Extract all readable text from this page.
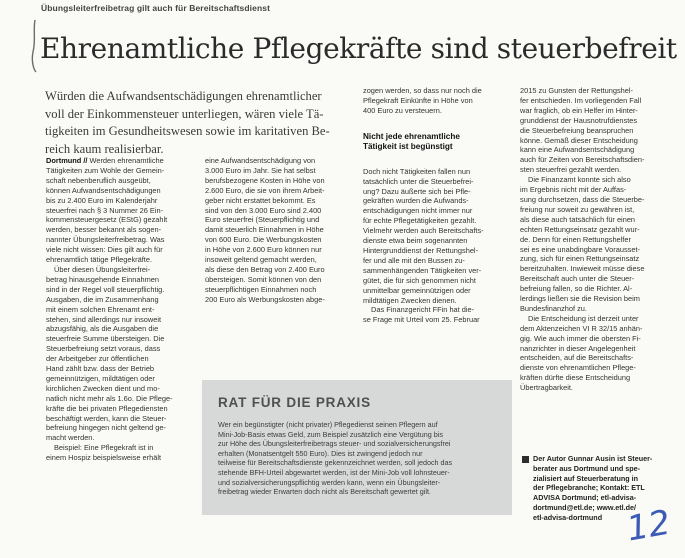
Übungsleiterfreibetrag gilt auch für Bereitschaftsdienst
Ehrenamtliche Pflegekräfte sind steuerbefreit
Würden die Aufwandsentschädigungen ehrenamtlicher
voll der Einkommensteuer unterliegen, wären viele Tä-
tigkeiten im Gesundheitswesen sowie im karitativen Be-
reich kaum realisierbar.
Dortmund // Werden ehrenamtliche
Tätigkeiten zum Wohle der Gemein-
schaft nebenberuflich ausgeübt,
können Aufwandsentschädigungen
bis zu 2.400 Euro im Kalenderjahr
steuerfrei nach § 3 Nummer 26 Ein-
kommensteuergesetz (EStG) gezahlt
werden, besser bekannt als sogen-
nannter Übungsleiterfreibetrag. Was
viele nicht wissen: Dies gilt auch für
ehrenamtlich tätige Pflegekräfte.
Über diesen Übungsleiterfrei-
betrag hinausgehende Einnahmen
sind in der Regel voll steuerpflichtig.
Ausgaben, die im Zusammenhang
mit einem solchen Ehrenamt ent-
stehen, sind allerdings nur insoweit
abzugsfähig, als die Ausgaben die
steuerfreie Summe übersteigen. Die
Steuerbefreiung setzt voraus, dass
der Arbeitgeber zur öffentlichen
Hand zählt bzw. dass der Betrieb
gemeinnützigen, mildtätigen oder
kirchlichen Zwecken dient und mo-
natlich nicht mehr als 1.6o. Die Pflege-
kräfte die bei privaten Pflegediensten
beschäftigt werden, kann die Steuer-
befreiung hingegen nicht geltend ge-
macht werden.
Beispiel: Eine Pflegekraft ist in
einem Hospiz beispielsweise erhält
eine Aufwandsentschädigung von
3.000 Euro im Jahr. Sie hat selbst
berufsbezogene Kosten in Höhe von
2.600 Euro, die sie von ihrem Arbeit-
geber nicht erstattet bekommt. Es
sind von den 3.000 Euro sind 2.400
Euro steuerfrei (Steuerpflichtig und
damit steuerlich Einnahmen in Höhe
von 600 Euro. Die Werbungskosten
in Höhe von 2.600 Euro können nur
insoweit geltend gemacht werden,
als diese den Betrag von 2.400 Euro
übersteigen. Somit können von den
steuerpflichtigen Einnahmen noch
200 Euro als Werbungskosten abge-
zogen werden, so dass nur noch die
Pflegekraft Einkünfte in Höhe von
400 Euro zu versteuern.
Nicht jede ehrenamtliche
Tätigkeit ist begünstigt
Doch nicht Tätigkeiten fallen nun
tatsächlich unter die Steuerbefrei-
ung? Dazu äußerte sich bei Pfle-
gekräften wurden die Aufwands-
entschädigungen nicht immer nur
für echte Pflegetätigkeiten gezahlt.
Vielmehr werden auch Bereitschafts-
dienste etwa beim sogenannten
Hintergrunddienst der Rettungshel-
fer und alle mit den Bussen zu-
sammenhängenden Tätigkeiten ver-
gütet, die für sich genommen nicht
unmittelbar gemeinnützigen oder
mildtätigen Zwecken dienen.
Das Finanzgericht FFin hat die-
se Frage mit Urteil vom 25. Februar
2015 zu Gunsten der Rettungshel-
fer entschieden. Im vorliegenden Fall
war fraglich, ob ein Helfer im Hinter-
grunddienst der Hausnotrufdienstes
die Steuerbefreiung beanspruchen
könne. Gemäß dieser Entscheidung
kann eine Aufwandsentschädigung
auch für Zeiten von Bereitschaftsdien-
sten steuerfrei gezahlt werden.
Die Finanzamt konnte sich also
im Ergebnis nicht mit der Auffas-
sung durchsetzen, dass die Steuerbe-
freiung nur soweit zu gewähren ist,
als diese auch tatsächlich für einen
echten Rettungseinsatz gezahlt wur-
de. Denn für einen Rettungshelfer
sei es eine unabdingbare Vorausset-
zung, sich für einen Rettungseinsatz
bereitzuhalten. Inwieweit müsse diese
Bereitschaft auch unter die Steuer-
befreiung fallen, so die Richter. Al-
lerdings ließen sie die Revision beim
Bundesfinanzhof zu.
Die Entscheidung ist derzeit unter
dem Aktenzeichen VI R 32/15 anhän-
gig. Wie auch immer die obersten Fi-
nanzrichter in dieser Angelegenheit
entscheiden, auf die Bereitschafts-
dienste von ehrenamtlichen Pflege-
kräften dürfte diese Entscheidung
Übertragbarkeit.
RAT FÜR DIE PRAXIS
Wer ein begünstigter (nicht privater) Pflegedienst seinen Pflegern auf
Mini-Job-Basis etwas Geld, zum Beispiel zusätzlich eine Vergütung bis
zur Höhe des Übungsleiterfreibetrags steuer- und sozialversicherungsfrei
erhalten (Monatsentgelt 550 Euro). Dies ist zwingend jedoch nur
teilweise für Bereitschaftsdienste gekennzeichnet werden, soll jedoch das
stehende BFH-Urteil abgewartet werden, ist der Mini-Job voll lohnsteuer-
und sozialversicherungspflichtig werden kann, wenn ein Übungsleiter-
freibetrag wieder Erwarten doch nicht als Bereitschaft gewertet gilt.
Der Autor Gunnar Ausin ist Steuer-
berater aus Dortmund und spe-
zialisiert auf Steuerberatung in
der Pflegebranche; Kontakt: ETL
ADVISA Dortmund; etl-advisa-
dortmund@etl.de; www.etl.de/
etl-advisa-dortmund 12
